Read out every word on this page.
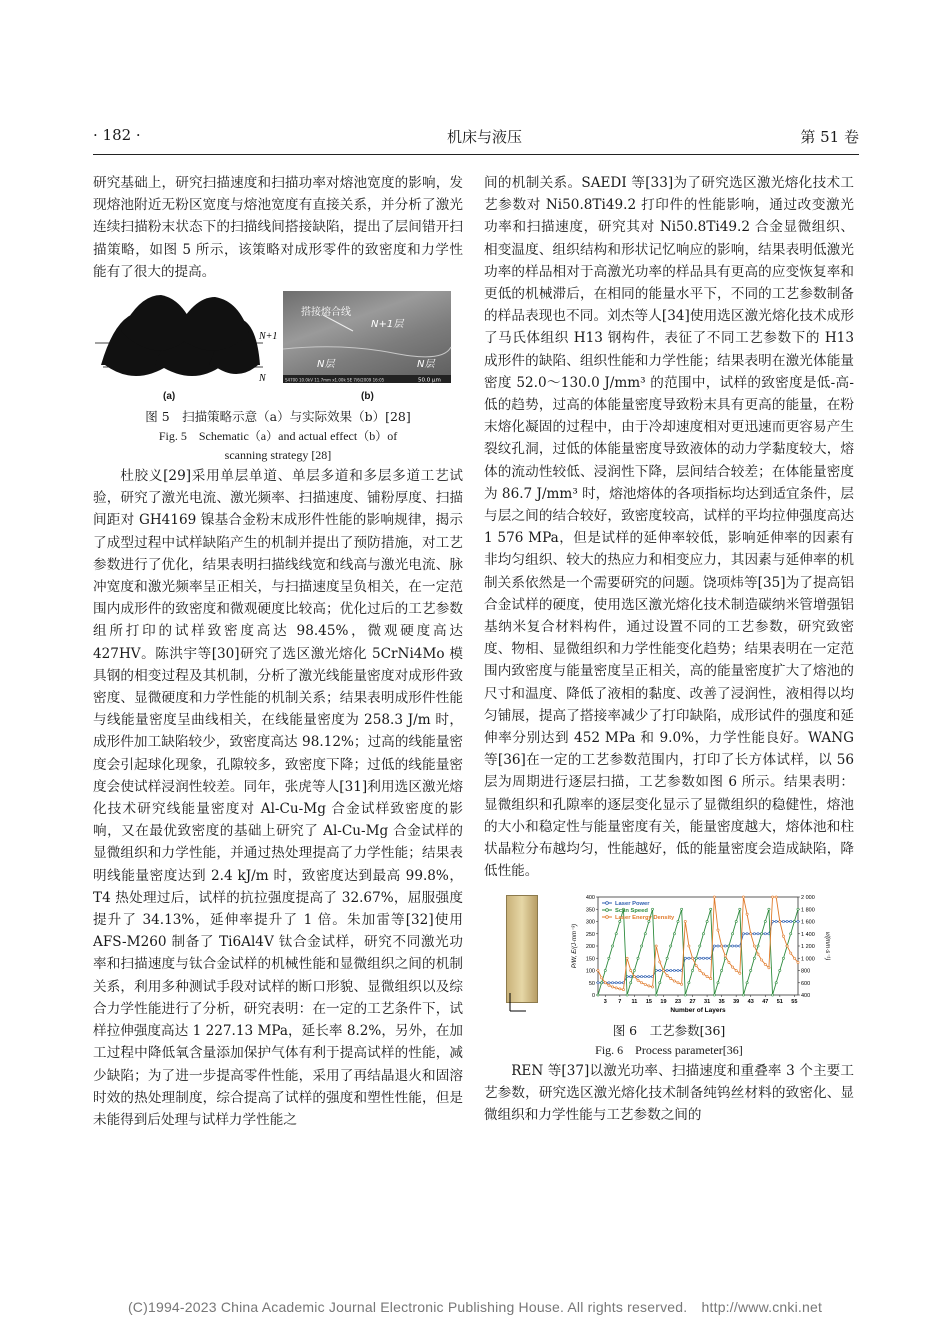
· 182 ·	机床与液压	第 51 卷

研究基础上，研究扫描速度和扫描功率对熔池宽度的影响，发现熔池附近无粉区宽度与熔池宽度有直接关系，并分析了激光连续扫描粉末状态下的扫描线间搭接缺陷，提出了层间错开扫描策略，如图 5 所示，该策略对成形零件的致密度和力学性能有了很大的提高。

N+1
N
搭接熔合线
N+1层
N层	N层
S4700 10.0kV 11.7mm x1.00k SE 7/6/2009 16:05	50.0 μm
(a)	(b)
图 5　扫描策略示意（a）与实际效果（b）[28]
Fig. 5　Schematic（a）and actual effect（b）of
scanning strategy [28]

杜胶义[29]采用单层单道、单层多道和多层多道工艺试验，研究了激光电流、激光频率、扫描速度、铺粉厚度、扫描间距对 GH4169 镍基合金粉末成形件性能的影响规律，揭示了成型过程中试样缺陷产生的机制并提出了预防措施，对工艺参数进行了优化，结果表明扫描线线宽和线高与激光电流、脉冲宽度和激光频率呈正相关，与扫描速度呈负相关，在一定范围内成形件的致密度和微观硬度比较高；优化过后的工艺参数组所打印的试样致密度高达 98.45%，微观硬度高达 427HV。陈洪宇等[30]研究了选区激光熔化 5CrNi4Mo 模具钢的相变过程及其机制，分析了激光线能量密度对成形件致密度、显微硬度和力学性能的机制关系；结果表明成形件性能与线能量密度呈曲线相关，在线能量密度为 258.3 J/m 时，成形件加工缺陷较少，致密度高达 98.12%；过高的线能量密度会引起球化现象，孔隙较多，致密度下降；过低的线能量密度会使试样浸润性较差。同年，张虎等人[31]利用选区激光熔化技术研究线能量密度对 Al-Cu-Mg 合金试样致密度的影响，又在最优致密度的基础上研究了 Al-Cu-Mg 合金试样的显微组织和力学性能，并通过热处理提高了力学性能；结果表明线能量密度达到 2.4 kJ/m 时，致密度达到最高 99.8%，T4 热处理过后，试样的抗拉强度提高了 32.67%，屈服强度提升了 34.13%，延伸率提升了 1 倍。朱加雷等[32]使用 AFS-M260 制备了 Ti6Al4V 钛合金试样，研究不同激光功率和扫描速度与钛合金试样的机械性能和显微组织之间的机制关系，利用多种测试手段对试样的断口形貌、显微组织以及综合力学性能进行了分析，研究表明：在一定的工艺条件下，试样拉伸强度高达 1 227.13 MPa，延长率 8.2%，另外，在加工过程中降低氧含量添加保护气体有利于提高试样的性能，减少缺陷；为了进一步提高零件性能，采用了再结晶退火和固溶时效的热处理制度，综合提高了试样的强度和塑性性能，但是未能得到后处理与试样力学性能之

间的机制关系。SAEDI 等[33]为了研究选区激光熔化技术工艺参数对 Ni50.8Ti49.2 打印件的性能影响，通过改变激光功率和扫描速度，研究其对 Ni50.8Ti49.2 合金显微组织、相变温度、组织结构和形状记忆响应的影响，结果表明低激光功率的样品相对于高激光功率的样品具有更高的应变恢复率和更低的机械滞后，在相同的能量水平下，不同的工艺参数制备的样品表现也不同。刘杰等人[34]使用选区激光熔化技术成形了马氏体组织 H13 钢构件，表征了不同工艺参数下的 H13 成形件的缺陷、组织性能和力学性能；结果表明在激光体能量密度 52.0～130.0 J/mm³ 的范围中，试样的致密度是低-高-低的趋势，过高的体能量密度导致粉末具有更高的能量，在粉末熔化凝固的过程中，由于冷却速度相对更迅速而更容易产生裂纹孔洞，过低的体能量密度导致液体的动力学黏度较大，熔体的流动性较低、浸润性下降，层间结合较差；在体能量密度为 86.7 J/mm³ 时，熔池熔体的各项指标均达到适宜条件，层与层之间的结合较好，致密度较高，试样的平均拉伸强度高达 1 576 MPa，但是试样的延伸率较低，影响延伸率的因素有非均匀组织、较大的热应力和相变应力，其因素与延伸率的机制关系依然是一个需要研究的问题。饶项炜等[35]为了提高铝合金试样的硬度，使用选区激光熔化技术制造碳纳米管增强铝基纳米复合材料构件，通过设置不同的工艺参数，研究致密度、物相、显微组织和力学性能变化趋势；结果表明在一定范围内致密度与能量密度呈正相关，高的能量密度扩大了熔池的尺寸和温度、降低了液相的黏度、改善了浸润性，液相得以均匀铺展，提高了搭接率减少了打印缺陷，成形试件的强度和延伸率分别达到 452 MPa 和 9.0%，力学性能良好。WANG 等[36]在一定的工艺参数范围内，打印了长方体试样，以 56 层为周期进行逐层扫描，工艺参数如图 6 所示。结果表明：显微组织和孔隙率的逐层变化显示了显微组织的稳健性，熔池的大小和稳定性与能量密度有关，能量密度越大，熔体池和柱状晶粒分布越均匀，性能越好，低的能量密度会造成缺陷，降低性能。

0
50
100
150
200
250
300
350
400
400
600
800
1 000
1 200
1 400
1 600
1 800
2 000
3 7 11 15 19 23 27 31 35 39 43 47 51 55
Number of Layers
P/W, E/(J·mm⁻³)	v/(mm·s⁻¹)
Laser Power
Scan Speed
Laser Energy Density
图 6　工艺参数[36]
Fig. 6　Process parameter[36]

REN 等[37]以激光功率、扫描速度和重叠率 3 个主要工艺参数，研究选区激光熔化技术制备纯钨丝材料的致密化、显微组织和力学性能与工艺参数之间的

(C)1994-2023 China Academic Journal Electronic Publishing House. All rights reserved.　http://www.cnki.net
